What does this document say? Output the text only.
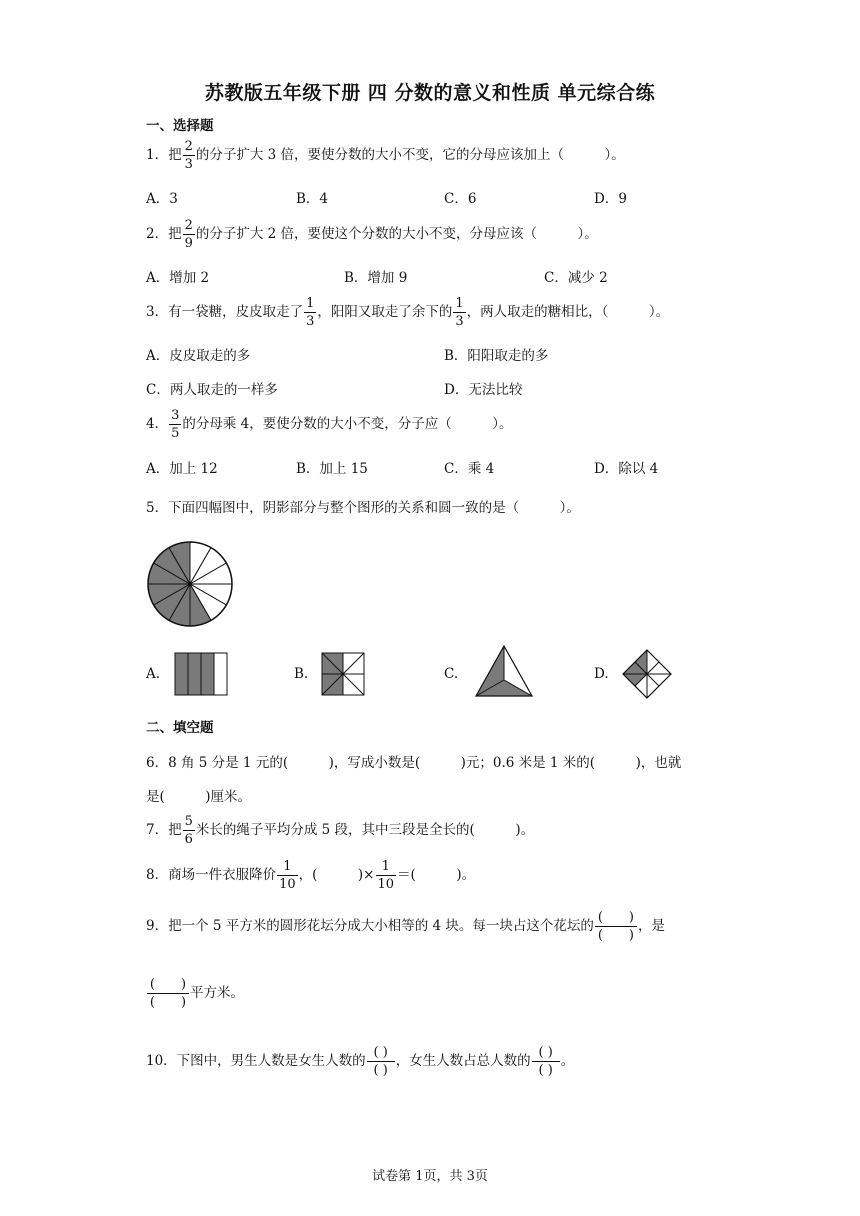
苏教版五年级下册 四 分数的意义和性质 单元综合练
一、选择题
1．把 $\frac{2}{3}$ 的分子扩大 3 倍，要使分数的大小不变，它的分母应该加上（　　　）。
A．3	B．4	C．6	D．9
2．把 $\frac{2}{9}$ 的分子扩大 2 倍，要使这个分数的大小不变，分母应该（　　　）。
A．增加 2	B．增加 9	C．减少 2
3．有一袋糖，皮皮取走了 $\frac{1}{3}$ ，阳阳又取走了余下的 $\frac{1}{3}$ ，两人取走的糖相比，（　　　）。
A．皮皮取走的多	B．阳阳取走的多
C．两人取走的一样多	D．无法比较
4． $\frac{3}{5}$ 的分母乘 4，要使分数的大小不变，分子应（　　　）。
A．加上 12	B．加上 15	C．乘 4	D．除以 4
5．下面四幅图中，阴影部分与整个图形的关系和圆一致的是（　　　）。
A.	B.	C.	D.
二、填空题
6．8 角 5 分是 1 元的(　　　)，写成小数是(　　　)元；0.6 米是 1 米的(　　　)，也就
是(　　　)厘米。
7．把 $\frac{5}{6}$ 米长的绳子平均分成 5 段，其中三段是全长的(　　　)。
8．商场一件衣服降价 $\frac{1}{10}$ ，(　　　)× $\frac{1}{10}$ ＝(　　　)。
9．把一个 5 平方米的圆形花坛分成大小相等的 4 块。每一块占这个花坛的 $\frac{( )}{( )}$ ，是
$\frac{( )}{( )}$ 平方米。
10．下图中，男生人数是女生人数的 $\frac{( )}{( )}$ ，女生人数占总人数的 $\frac{( )}{( )}$ 。
试卷第 1页，共 3页
